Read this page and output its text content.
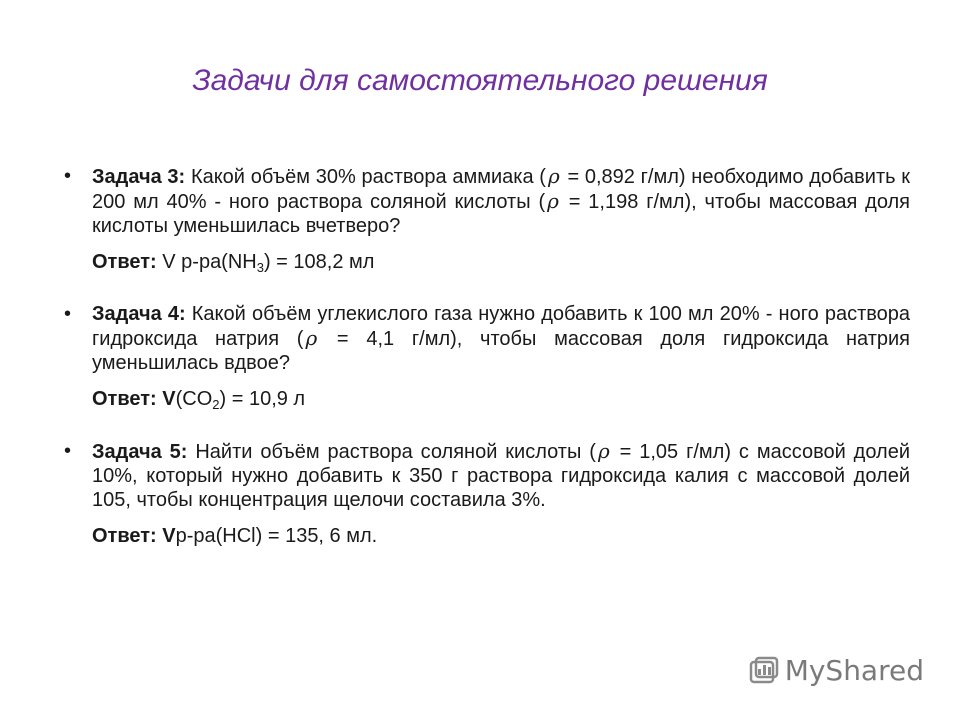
Задачи для самостоятельного решения
• Задача 3: Какой объём 30% раствора аммиака ( ρ = 0,892 г/мл) необходимо добавить к 200 мл 40% - ного раствора соляной кислоты ( ρ = 1,198 г/мл), чтобы массовая доля кислоты уменьшилась вчетверо?
Ответ: V $р-ра(NH_3) = 108,2$ мл
• Задача 4: Какой объём углекислого газа нужно добавить к 100 мл 20% - ного раствора гидроксида натрия ( ρ = 4,1 г/мл), чтобы массовая доля гидроксида натрия уменьшилась вдвое?
Ответ: $V(CO_2) = 10,9$ л
• Задача 5: Найти объём раствора соляной кислоты ( ρ = 1,05 г/мл) с массовой долей 10%, который нужно добавить к 350 г раствора гидроксида калия с массовой долей 105, чтобы концентрация щелочи составила 3%.
Ответ: Vр-ра(HCl) = 135, 6 мл.
MyShared
